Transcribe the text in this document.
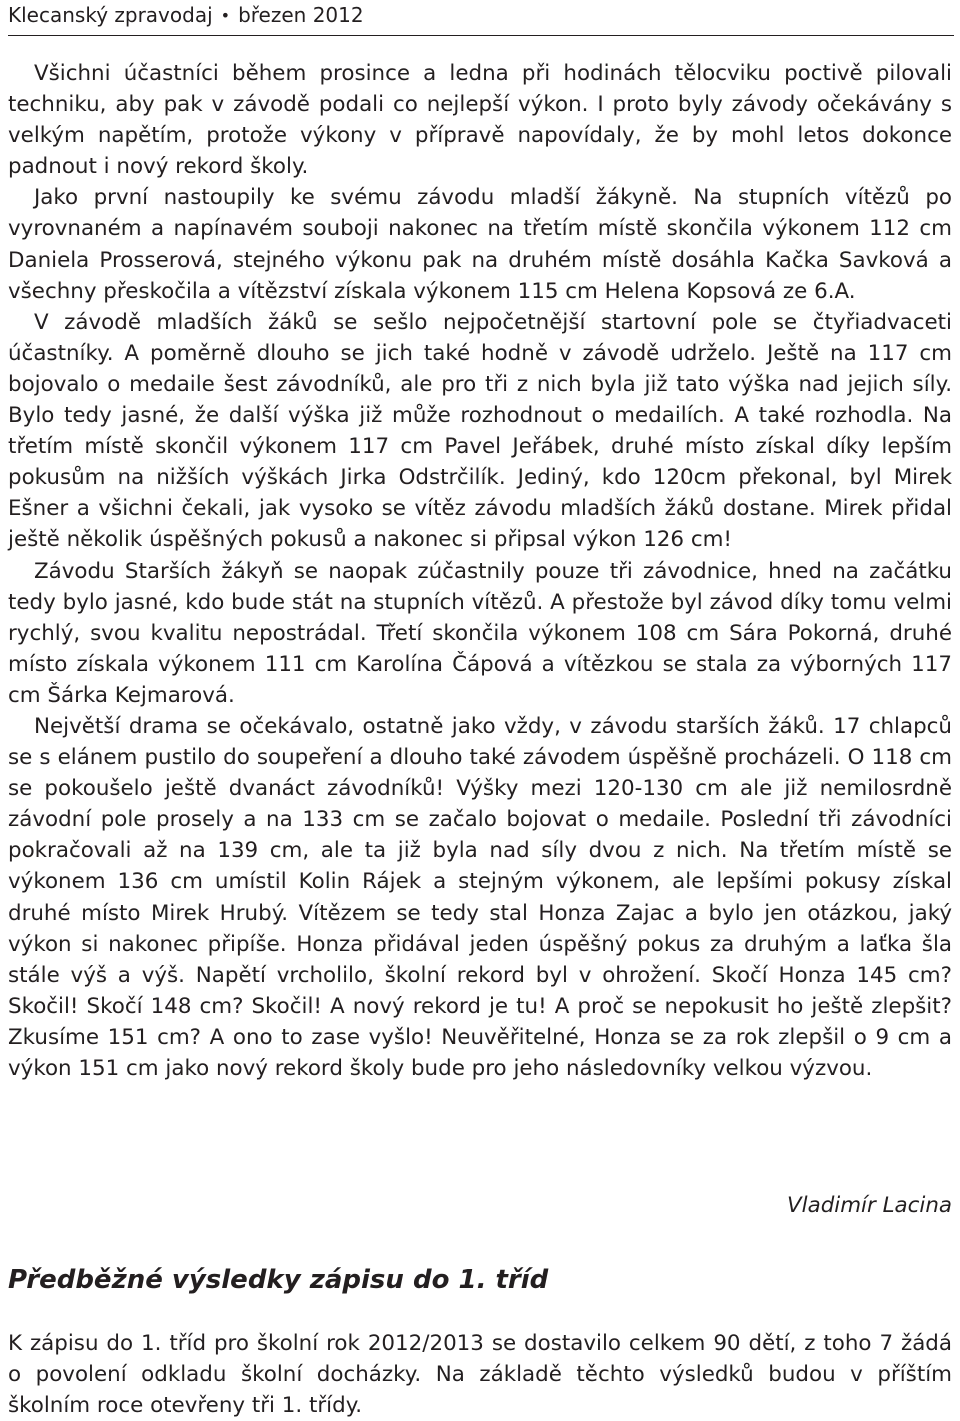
Klecanský zpravodaj • březen 2012

Všichni účastníci během prosince a ledna při hodinách tělocviku poctivě pilovali techniku, aby pak v závodě podali co nejlepší výkon. I proto byly závody očekávány s velkým napětím, protože výkony v přípravě napovídaly, že by mohl letos dokonce padnout i nový rekord školy.

Jako první nastoupily ke svému závodu mladší žákyně. Na stupních vítězů po vyrovnaném a napínavém souboji nakonec na třetím místě skončila výkonem 112 cm Daniela Prosserová, stejného výkonu pak na druhém místě dosáhla Kačka Savková a všechny přeskočila a vítězství získala výkonem 115 cm Helena Kopsová ze 6.A.

V závodě mladších žáků se sešlo nejpočetnější startovní pole se čtyřiadvaceti účastníky. A poměrně dlouho se jich také hodně v závodě udrželo. Ještě na 117 cm bojovalo o medaile šest závodníků, ale pro tři z nich byla již tato výška nad jejich síly. Bylo tedy jasné, že další výška již může rozhodnout o medailích. A také rozhodla. Na třetím místě skončil výkonem 117 cm Pavel Jeřábek, druhé místo získal díky lepším pokusům na nižších výškách Jirka Odstrčilík. Jediný, kdo 120cm překonal, byl Mirek Ešner a všichni čekali, jak vysoko se vítěz závodu mladších žáků dostane. Mirek přidal ještě několik úspěšných pokusů a nakonec si připsal výkon 126 cm!

Závodu Starších žákyň se naopak zúčastnily pouze tři závodnice, hned na začátku tedy bylo jasné, kdo bude stát na stupních vítězů. A přestože byl závod díky tomu velmi rychlý, svou kvalitu nepostrádal. Třetí skončila výkonem 108 cm Sára Pokorná, druhé místo získala výkonem 111 cm Karolína Čápová a vítězkou se stala za výborných 117 cm Šárka Kejmarová.

Největší drama se očekávalo, ostatně jako vždy, v závodu starších žáků. 17 chlapců se s elánem pustilo do soupeření a dlouho také závodem úspěšně procházeli. O 118 cm se pokoušelo ještě dvanáct závodníků! Výšky mezi 120-130 cm ale již nemilosrdně závodní pole prosely a na 133 cm se začalo bojovat o medaile. Poslední tři závodníci pokračovali až na 139 cm, ale ta již byla nad síly dvou z nich. Na třetím místě se výkonem 136 cm umístil Kolin Rájek a stejným výkonem, ale lepšími pokusy získal druhé místo Mirek Hrubý. Vítězem se tedy stal Honza Zajac a bylo jen otázkou, jaký výkon si nakonec připíše. Honza přidával jeden úspěšný pokus za druhým a laťka šla stále výš a výš. Napětí vrcholilo, školní rekord byl v ohrožení. Skočí Honza 145 cm? Skočil! Skočí 148 cm? Skočil! A nový rekord je tu! A proč se nepokusit ho ještě zlepšit? Zkusíme 151 cm? A ono to zase vyšlo! Neuvěřitelné, Honza se za rok zlepšil o 9 cm a výkon 151 cm jako nový rekord školy bude pro jeho následovníky velkou výzvou.

Vladimír Lacina
Předběžné výsledky zápisu do 1. tříd

K zápisu do 1. tříd pro školní rok 2012/2013 se dostavilo celkem 90 dětí, z toho 7 žádá o povolení odkladu školní docházky. Na základě těchto výsledků budou v příštím školním roce otevřeny tři 1. třídy.
